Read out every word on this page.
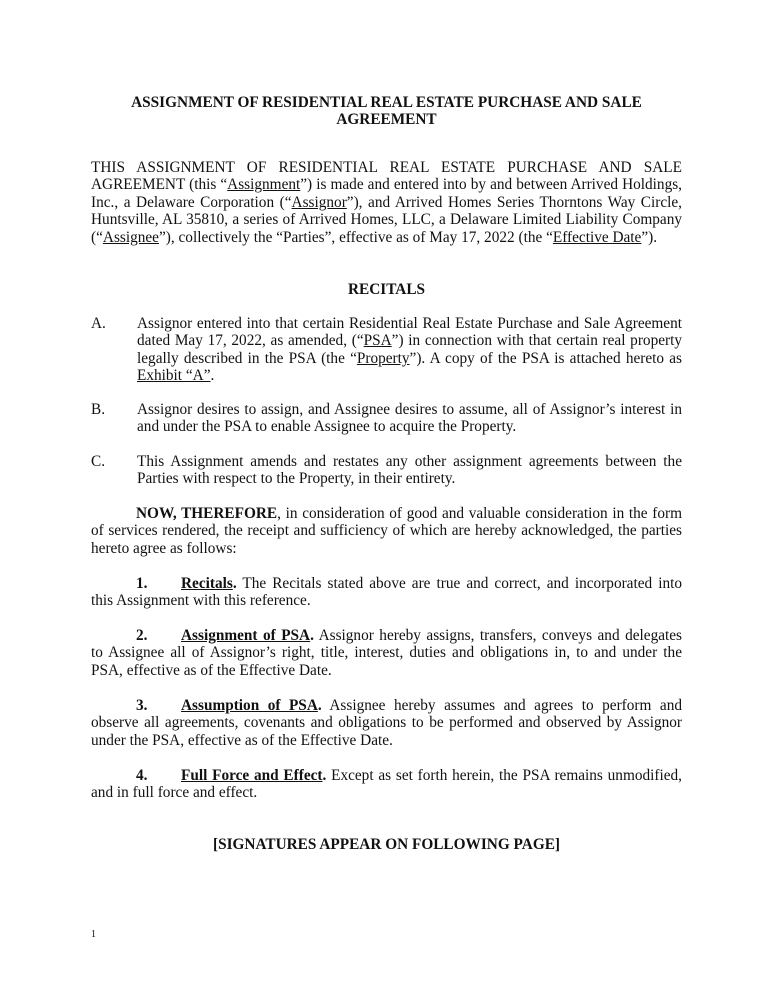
ASSIGNMENT OF RESIDENTIAL REAL ESTATE PURCHASE AND SALE AGREEMENT

THIS ASSIGNMENT OF RESIDENTIAL REAL ESTATE PURCHASE AND SALE AGREEMENT (this “Assignment”) is made and entered into by and between Arrived Holdings, Inc., a Delaware Corporation (“Assignor”), and Arrived Homes Series Thorntons Way Circle, Huntsville, AL 35810, a series of Arrived Homes, LLC, a Delaware Limited Liability Company (“Assignee”), collectively the “Parties”, effective as of May 17, 2022 (the “Effective Date”).

RECITALS

A. Assignor entered into that certain Residential Real Estate Purchase and Sale Agreement dated May 17, 2022, as amended, (“PSA”) in connection with that certain real property legally described in the PSA (the “Property”). A copy of the PSA is attached hereto as Exhibit “A”.

B. Assignor desires to assign, and Assignee desires to assume, all of Assignor’s interest in and under the PSA to enable Assignee to acquire the Property.

C. This Assignment amends and restates any other assignment agreements between the Parties with respect to the Property, in their entirety.

NOW, THEREFORE, in consideration of good and valuable consideration in the form of services rendered, the receipt and sufficiency of which are hereby acknowledged, the parties hereto agree as follows:

1. Recitals. The Recitals stated above are true and correct, and incorporated into this Assignment with this reference.

2. Assignment of PSA. Assignor hereby assigns, transfers, conveys and delegates to Assignee all of Assignor’s right, title, interest, duties and obligations in, to and under the PSA, effective as of the Effective Date.

3. Assumption of PSA. Assignee hereby assumes and agrees to perform and observe all agreements, covenants and obligations to be performed and observed by Assignor under the PSA, effective as of the Effective Date.

4. Full Force and Effect. Except as set forth herein, the PSA remains unmodified, and in full force and effect.

[SIGNATURES APPEAR ON FOLLOWING PAGE]

1
